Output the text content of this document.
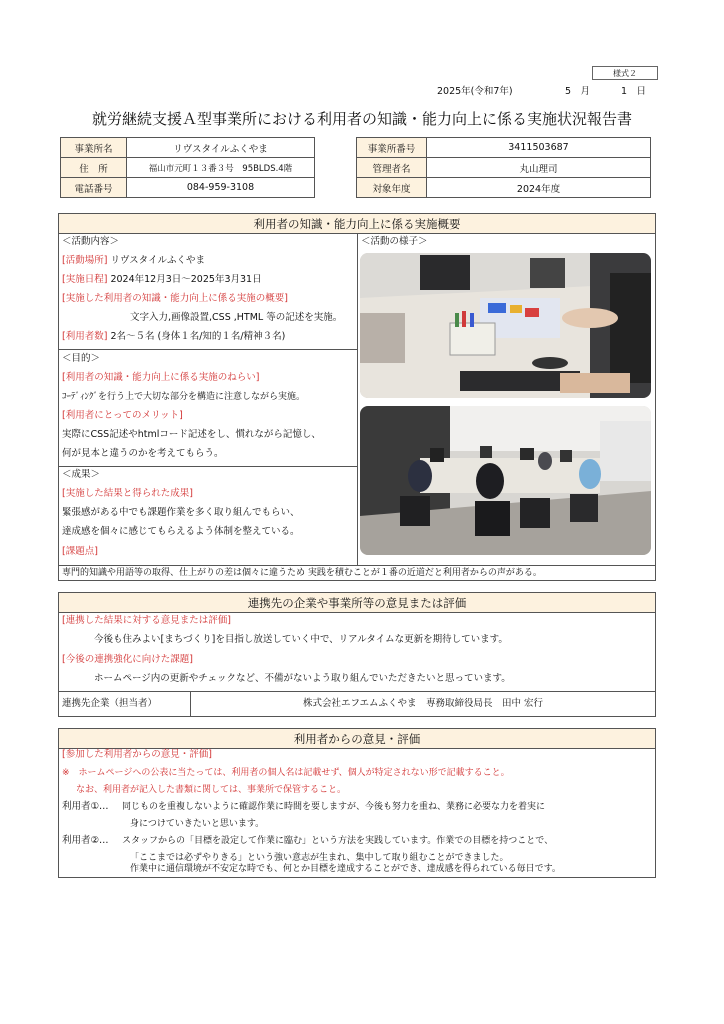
様式２
2025年(令和7年)	5　月	1　日
就労継続支援Ａ型事業所における利用者の知識・能力向上に係る実施状況報告書
事業所名	リヴスタイルふくやま
住　所	福山市元町１３番３号　95BLDS.4階
電話番号	084-959-3108
事業所番号	3411503687
管理者名	丸山理司
対象年度	2024年度
利用者の知識・能力向上に係る実施概要
＜活動内容＞
[活動場所] リヴスタイルふくやま
[実施日程] 2024年12月3日～2025年3月31日
[実施した利用者の知識・能力向上に係る実施の概要]
文字入力,画像設置,CSS ,HTML 等の記述を実施。
[利用者数] 2名～５名 (身体１名/知的１名/精神３名)
＜目的＞
[利用者の知識・能力向上に係る実施のねらい]
ｺｰﾃﾞｨﾝｸﾞを行う上で大切な部分を構造に注意しながら実施。
[利用者にとってのメリット]
実際にCSS記述やhtmlコード記述をし、慣れながら記憶し、
何が見本と違うのかを考えてもらう。
＜成果＞
[実施した結果と得られた成果]
緊張感がある中でも課題作業を多く取り組んでもらい、
達成感を個々に感じてもらえるよう体制を整えている。
[課題点]
専門的知識や用語等の取得、仕上がりの差は個々に違うため 実践を積むことが１番の近道だと利用者からの声がある。
＜活動の様子＞
連携先の企業や事業所等の意見または評価
[連携した結果に対する意見または評価]
今後も住みよい[まちづくり]を目指し放送していく中で、リアルタイムな更新を期待しています。
[今後の連携強化に向けた課題]
ホームページ内の更新やチェックなど、不備がないよう取り組んでいただきたいと思っています。
連携先企業（担当者）	株式会社エフエムふくやま　専務取締役局長　田中 宏行
利用者からの意見・評価
[参加した利用者からの意見・評価]
※　ホームページへの公表に当たっては、利用者の個人名は記載せず、個人が特定されない形で記載すること。
なお、利用者が記入した書類に関しては、事業所で保管すること。
利用者①… 同じものを重複しないように確認作業に時間を要しますが、今後も努力を重ね、業務に必要な力を着実に
身につけていきたいと思います。
利用者②… スタッフからの「目標を設定して作業に臨む」という方法を実践しています。作業での目標を持つことで、
「ここまでは必ずやりきる」という強い意志が生まれ、集中して取り組むことができました。
作業中に通信環境が不安定な時でも、何とか目標を達成することができ、達成感を得られている毎日です。
